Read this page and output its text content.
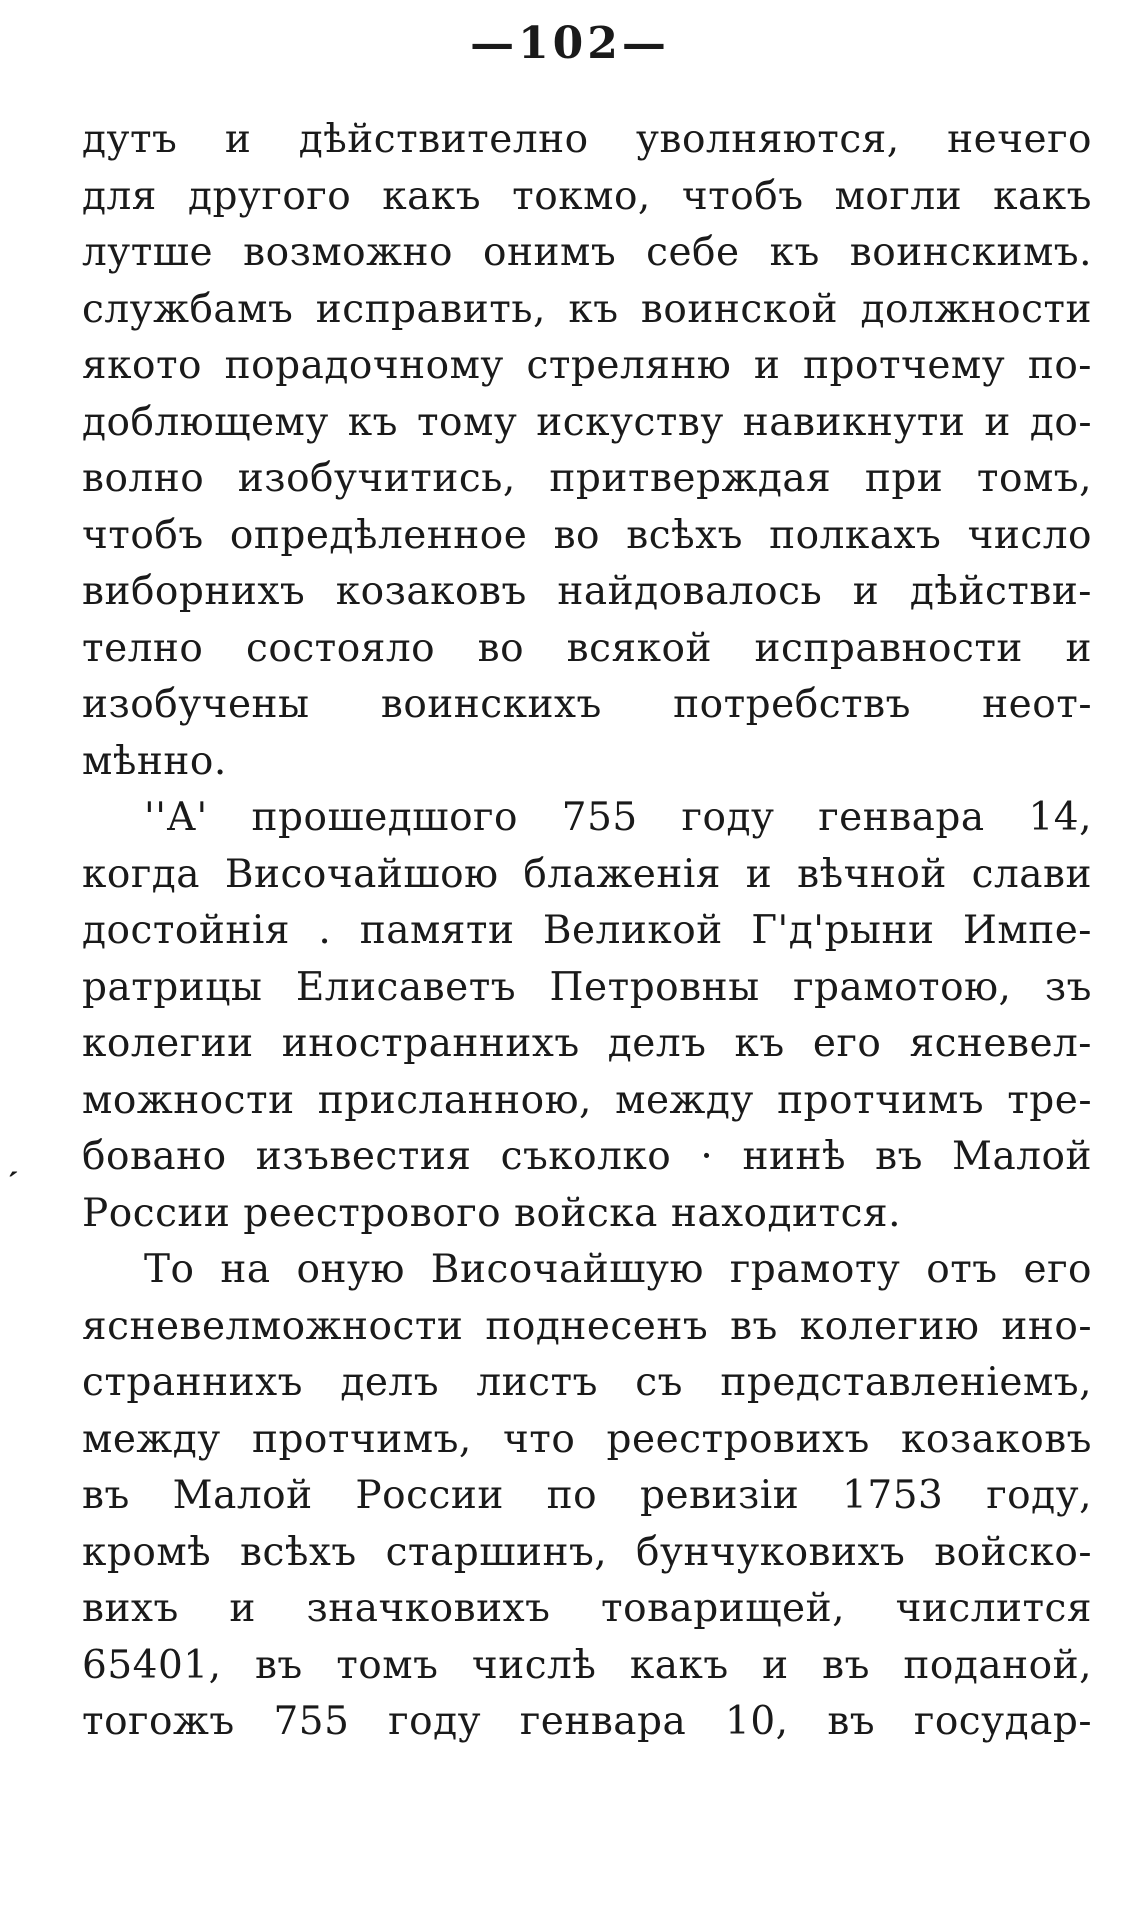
—102—
ˏ
дутъ и дѣйствително уволняются, нечего
для другого какъ токмо, чтобъ могли какъ
лутше возможно онимъ себе къ воинскимъ.
службамъ исправить, къ воинской должности
якото порадочному стреляню и протчему по-
доблющему къ тому искуству навикнути и до-
волно изобучитись, притверждая при томъ,
чтобъ опредѣленное во всѣхъ полкахъ число
виборнихъ козаковъ найдовалось и дѣйстви-
телно состояло во всякой исправности и
изобучены воинскихъ потребствъ неот-
мѣнно.
''А' прошедшого 755 году генвара 14,
когда Височайшою блаженія и вѣчной слави
достойнія . памяти Великой Г'д'рыни Импе-
ратрицы Елисаветъ Петровны грамотою, зъ
колегии иностраннихъ делъ къ его ясневел-
можности присланною, между протчимъ тре-
бовано изъвестия съколко · нинѣ въ Малой
России реестрового войска находится.
То на оную Височайшую грамоту отъ его
ясневелможности поднесенъ въ колегию ино-
страннихъ делъ листъ съ представленіемъ,
между протчимъ, что реестровихъ козаковъ
въ Малой России по ревизіи 1753 году,
кромѣ всѣхъ старшинъ, бунчуковихъ войско-
вихъ и значковихъ товарищей, числится
65401, въ томъ числѣ какъ и въ поданой,
тогожъ 755 году генвара 10, въ государ-
